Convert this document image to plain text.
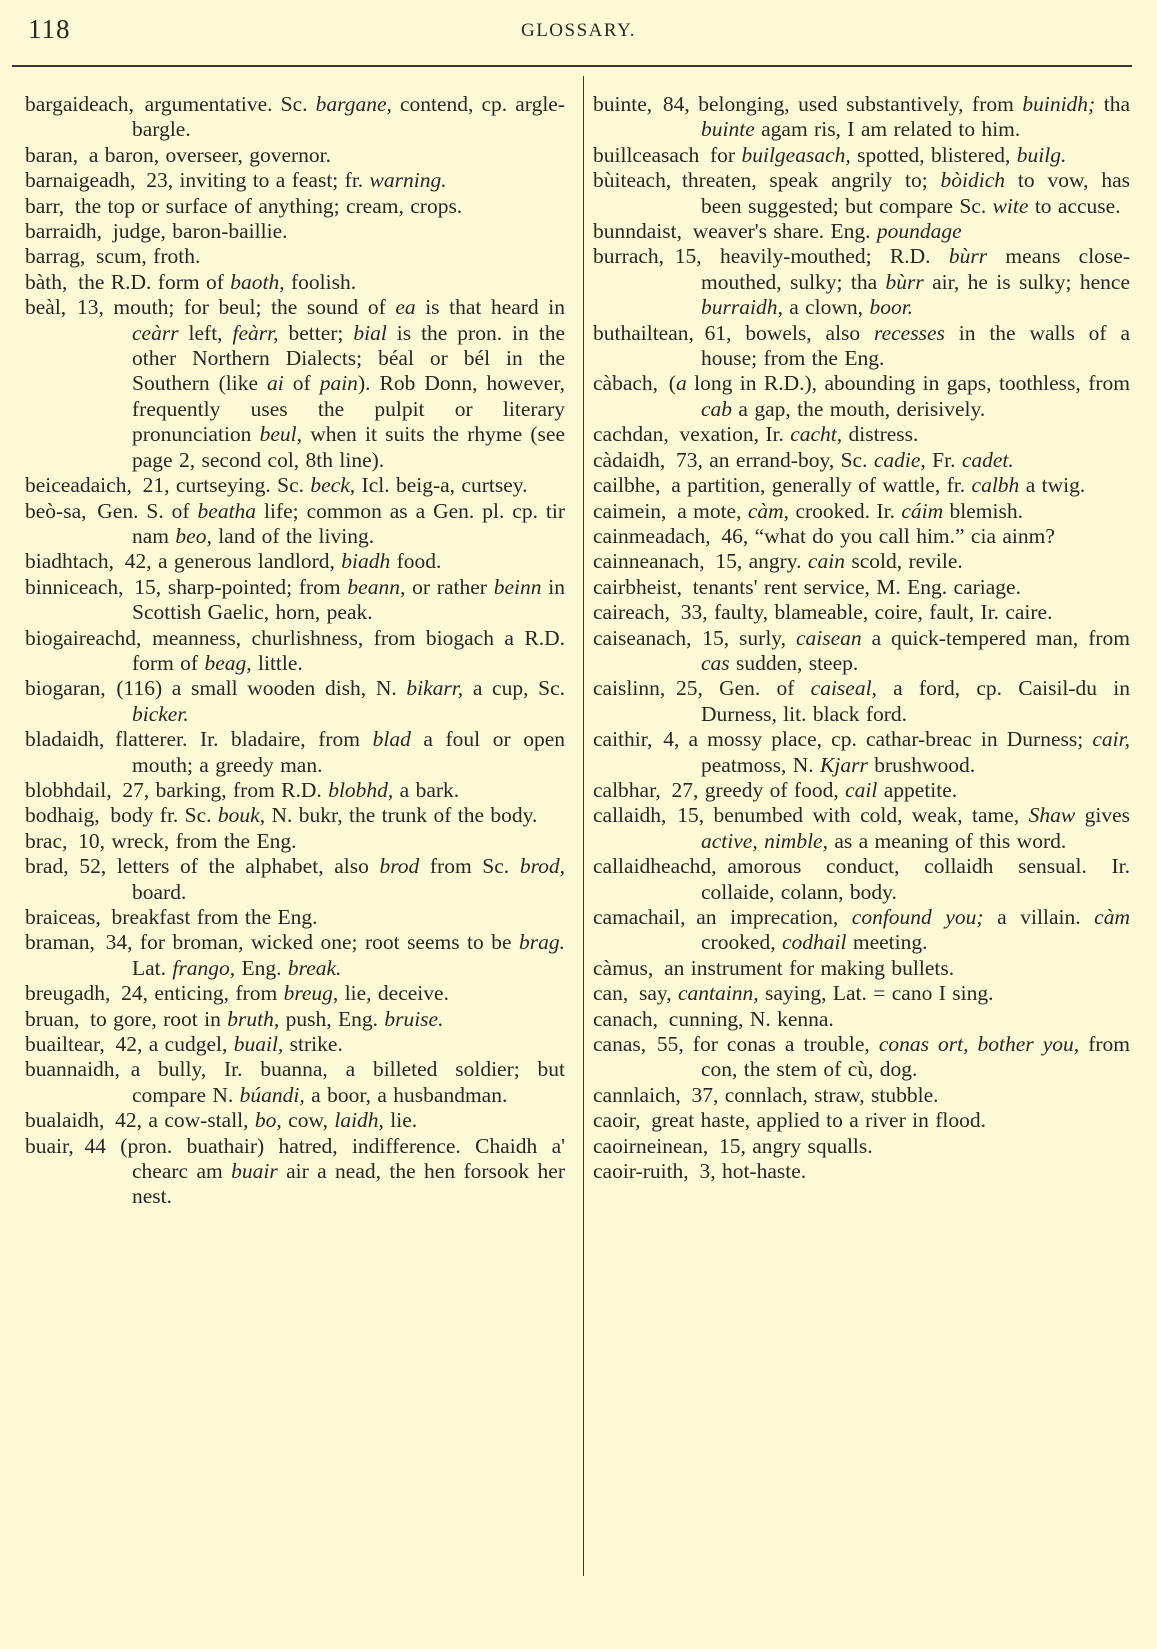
118	GLOSSARY.
bargaideach,  argumentative. Sc. bargane, contend, cp. argle-bargle.
baran,  a baron, overseer, governor.
barnaigeadh,  23, inviting to a feast; fr. warning.
barr,  the top or surface of anything; cream, crops.
barraidh,  judge, baron-baillie.
barrag,  scum, froth.
bàth,  the R.D. form of baoth, foolish.
beàl,  13, mouth; for beul; the sound of ea is that heard in ceàrr left, feàrr, better; bial is the pron. in the other Northern Dialects; béal or bél in the Southern (like ai of pain). Rob Donn, however, frequently uses the pulpit or literary pronunciation beul, when it suits the rhyme (see page 2, second col, 8th line).
beiceadaich,  21, curtseying. Sc. beck, Icl. beig-a, curtsey.
beò-sa,  Gen. S. of beatha life; common as a Gen. pl. cp. tir nam beo, land of the living.
biadhtach,  42, a generous landlord, biadh food.
binniceach,  15, sharp-pointed; from beann, or rather beinn in Scottish Gaelic, horn, peak.
biogaireachd,  meanness, churlishness, from biogach a R.D. form of beag, little.
biogaran,  (116) a small wooden dish, N. bikarr, a cup, Sc. bicker.
bladaidh,  flatterer. Ir. bladaire, from blad a foul or open mouth; a greedy man.
blobhdail,  27, barking, from R.D. blobhd, a bark.
bodhaig,  body fr. Sc. bouk, N. bukr, the trunk of the body.
brac,  10, wreck, from the Eng.
brad,  52, letters of the alphabet, also brod from Sc. brod, board.
braiceas,  breakfast from the Eng.
braman,  34, for broman, wicked one; root seems to be brag. Lat. frango, Eng. break.
breugadh,  24, enticing, from breug, lie, deceive.
bruan,  to gore, root in bruth, push, Eng. bruise.
buailtear,  42, a cudgel, buail, strike.
buannaidh,  a bully, Ir. buanna, a billeted soldier; but compare N. búandi, a boor, a husbandman.
bualaidh,  42, a cow-stall, bo, cow, laidh, lie.
buair,  44 (pron. buathair) hatred, indifference. Chaidh a' chearc am buair air a nead, the hen forsook her nest.
buinte,  84, belonging, used substantively, from buinidh; tha buinte agam ris, I am related to him.
buillceasach  for builgeasach, spotted, blistered, builg.
bùiteach,  threaten, speak angrily to; bòidich to vow, has been suggested; but compare Sc. wite to accuse.
bunndaist,  weaver's share. Eng. poundage
burrach,  15, heavily-mouthed; R.D. bùrr means close-mouthed, sulky; tha bùrr air, he is sulky; hence burraidh, a clown, boor.
buthailtean,  61, bowels, also recesses in the walls of a house; from the Eng.
càbach,  (a long in R.D.), abounding in gaps, toothless, from cab a gap, the mouth, derisively.
cachdan,  vexation, Ir. cacht, distress.
càdaidh,  73, an errand-boy, Sc. cadie, Fr. cadet.
cailbhe,  a partition, generally of wattle, fr. calbh a twig.
caimein,  a mote, càm, crooked. Ir. cáim blemish.
cainmeadach,  46, “what do you call him.” cia ainm?
cainneanach,  15, angry. cain scold, revile.
cairbheist,  tenants' rent service, M. Eng. cariage.
caireach,  33, faulty, blameable, coire, fault, Ir. caire.
caiseanach,  15, surly, caisean a quick-tempered man, from cas sudden, steep.
caislinn,  25, Gen. of caiseal, a ford, cp. Caisil-du in Durness, lit. black ford.
caithir,  4, a mossy place, cp. cathar-breac in Durness; cair, peatmoss, N. Kjarr brushwood.
calbhar,  27, greedy of food, cail appetite.
callaidh,  15, benumbed with cold, weak, tame, Shaw gives active, nimble, as a meaning of this word.
callaidheachd,  amorous conduct, collaidh sensual. Ir. collaide, colann, body.
camachail,  an imprecation, confound you; a villain. càm crooked, codhail meeting.
càmus,  an instrument for making bullets.
can,  say, cantainn, saying, Lat. = cano I sing.
canach,  cunning, N. kenna.
canas,  55, for conas a trouble, conas ort, bother you, from con, the stem of cù, dog.
cannlaich,  37, connlach, straw, stubble.
caoir,  great haste, applied to a river in flood.
caoirneinean,  15, angry squalls.
caoir-ruith,  3, hot-haste.
